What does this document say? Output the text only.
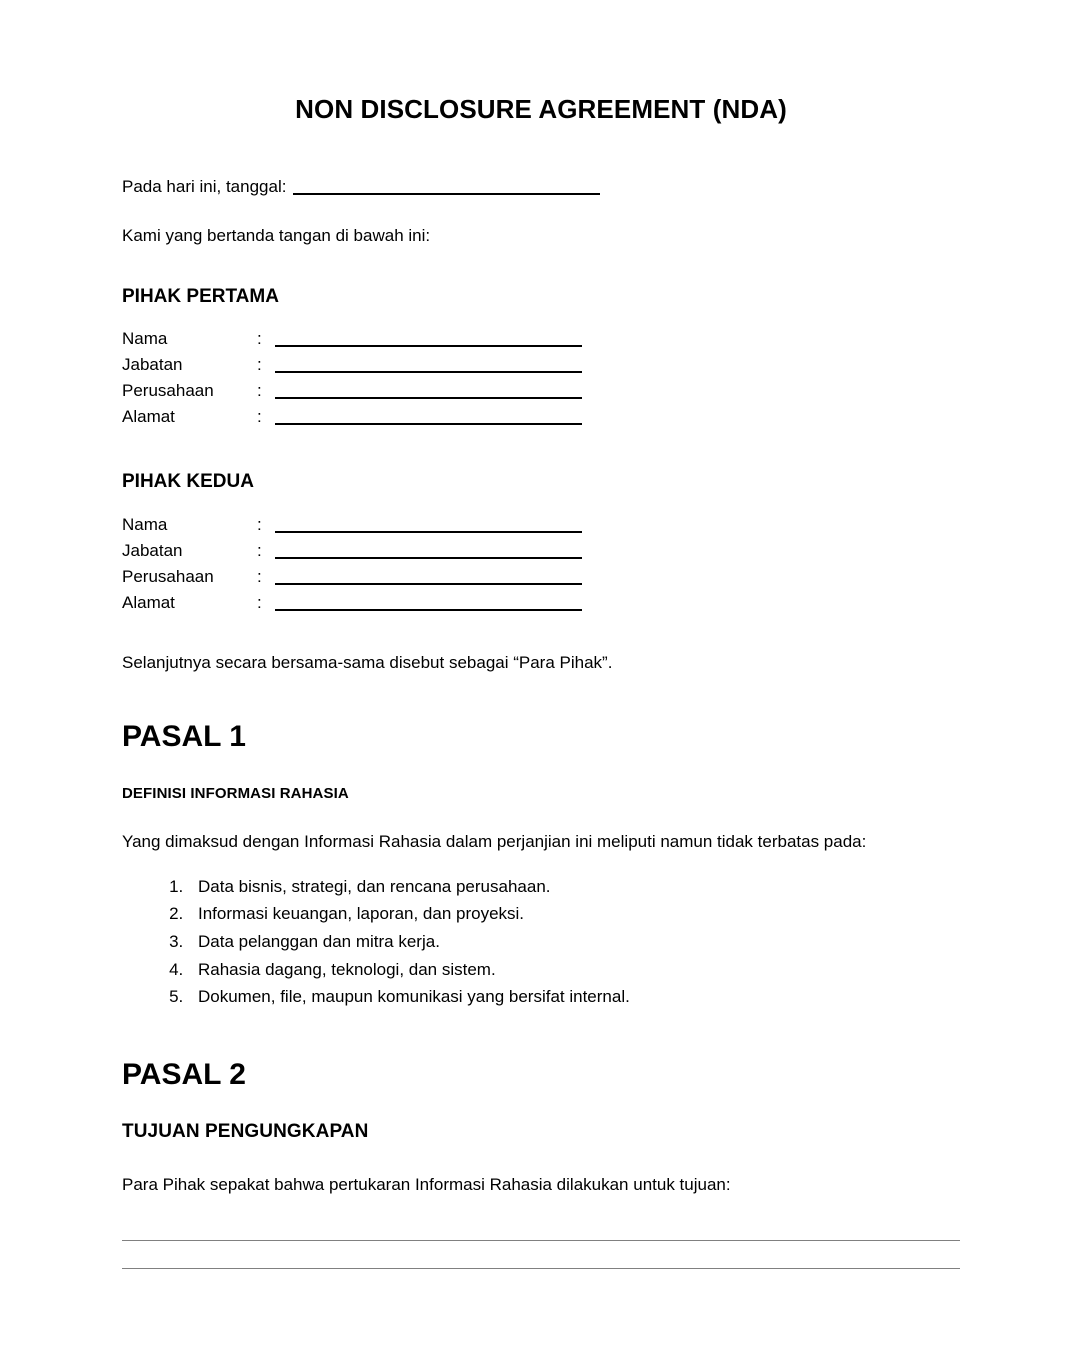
NON DISCLOSURE AGREEMENT (NDA)

Pada hari ini, tanggal:

Kami yang bertanda tangan di bawah ini:

PIHAK PERTAMA
Nama	:	
Jabatan	:	
Perusahaan	:	
Alamat	:	
PIHAK KEDUA
Nama	:	
Jabatan	:	
Perusahaan	:	
Alamat	:	

Selanjutnya secara bersama-sama disebut sebagai “Para Pihak”.

PASAL 1
DEFINISI INFORMASI RAHASIA

Yang dimaksud dengan Informasi Rahasia dalam perjanjian ini meliputi namun tidak terbatas pada:

1. Data bisnis, strategi, dan rencana perusahaan.
2. Informasi keuangan, laporan, dan proyeksi.
3. Data pelanggan dan mitra kerja.
4. Rahasia dagang, teknologi, dan sistem.
5. Dokumen, file, maupun komunikasi yang bersifat internal.
PASAL 2
TUJUAN PENGUNGKAPAN

Para Pihak sepakat bahwa pertukaran Informasi Rahasia dilakukan untuk tujuan:
